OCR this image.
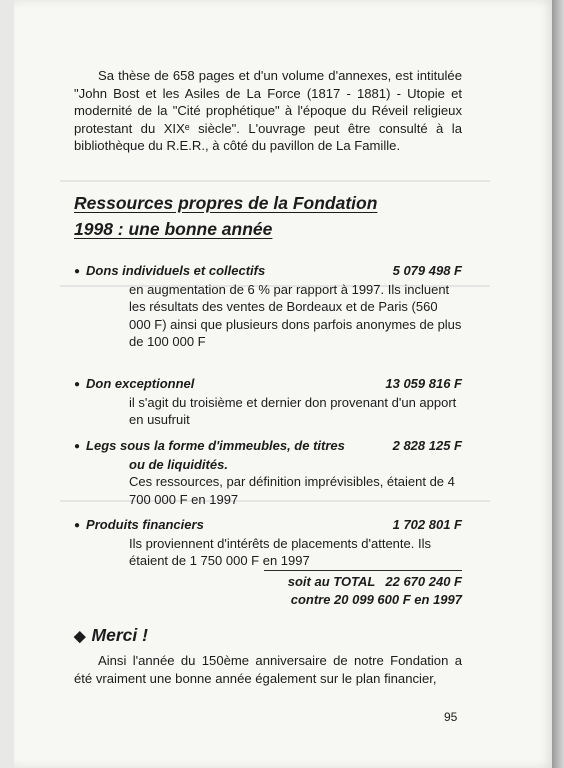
Sa thèse de 658 pages et d'un volume d'annexes, est intitulée "John Bost et les Asiles de La Force (1817 - 1881) - Utopie et modernité de la "Cité prophétique" à l'époque du Réveil religieux protestant du XIXᵉ siècle". L'ouvrage peut être consulté à la bibliothèque du R.E.R., à côté du pavillon de La Famille.

Ressources propres de la Fondation
1998 : une bonne année
● Dons individuels et collectifs	5 079 498 F
en augmentation de 6 % par rapport à 1997. Ils incluent les résultats des ventes de Bordeaux et de Paris (560 000 F) ainsi que plusieurs dons parfois anonymes de plus de 100 000 F
● Don exceptionnel	13 059 816 F
il s'agit du troisième et dernier don provenant d'un apport en usufruit
● Legs sous la forme d'immeubles, de titres	2 828 125 F
ou de liquidités.
Ces ressources, par définition imprévisibles, étaient de 4 700 000 F en 1997
● Produits financiers	1 702 801 F
Ils proviennent d'intérêts de placements d'attente. Ils étaient de 1 750 000 F en 1997
soit au TOTAL 22 670 240 F
contre 20 099 600 F en 1997
◆ Merci !

Ainsi l'année du 150ème anniversaire de notre Fondation a été vraiment une bonne année également sur le plan financier,

95
